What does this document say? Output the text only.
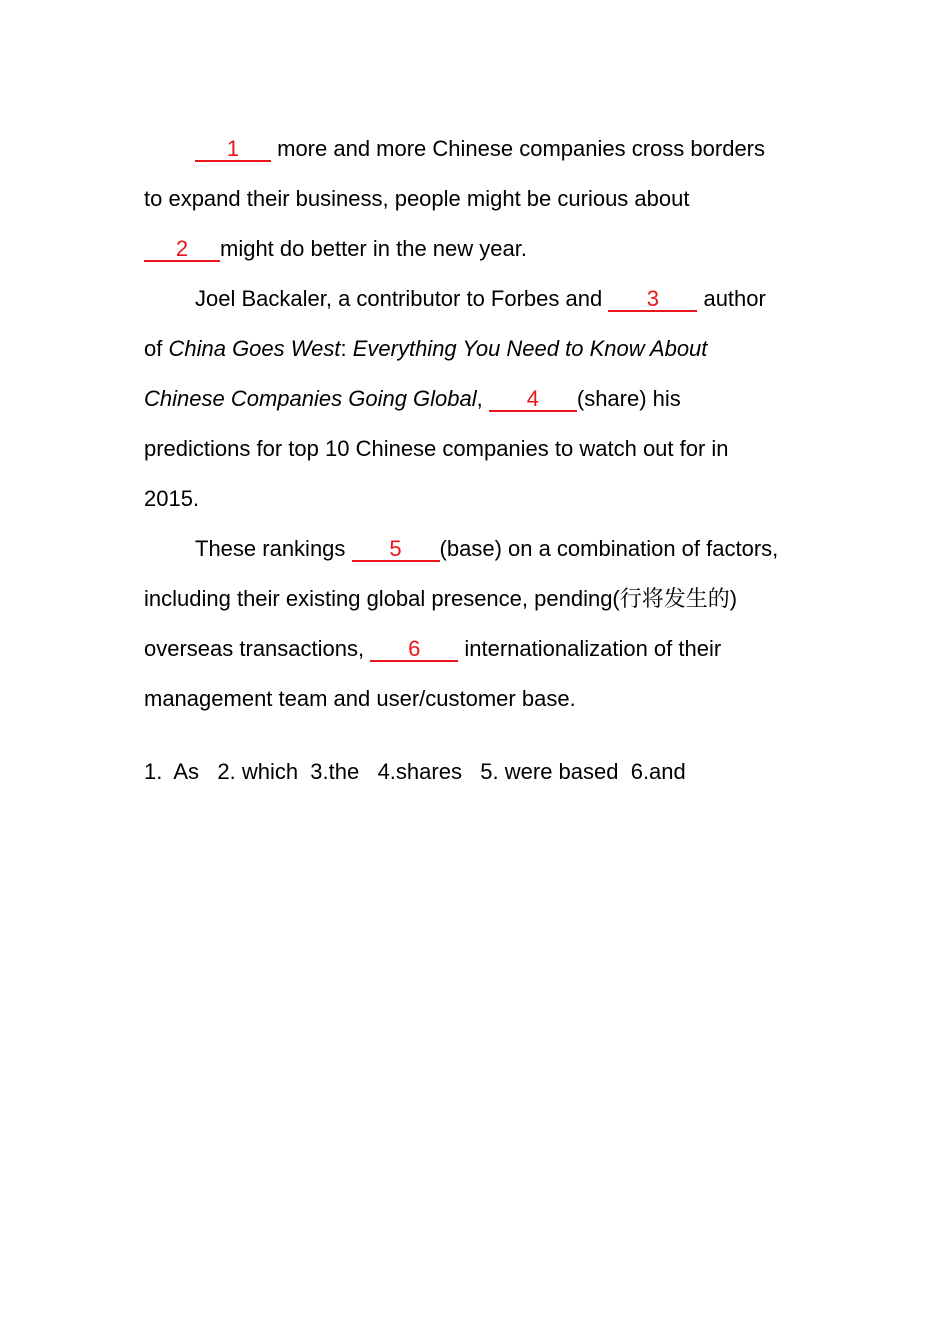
1 more and more Chinese companies cross borders
to expand their business, people might be curious about
2 might do better in the new year.
Joel Backaler, a contributor to Forbes and 3 author
of China Goes West: Everything You Need to Know About
Chinese Companies Going Global, 4 (share) his
predictions for top 10 Chinese companies to watch out for in
2015.
These rankings 5 (base) on a combination of factors,
including their existing global presence, pending(行将发生的)
overseas transactions, 6 internationalization of their
management team and user/customer base.
1.  As   2. which  3.the   4.shares   5. were based  6.and
